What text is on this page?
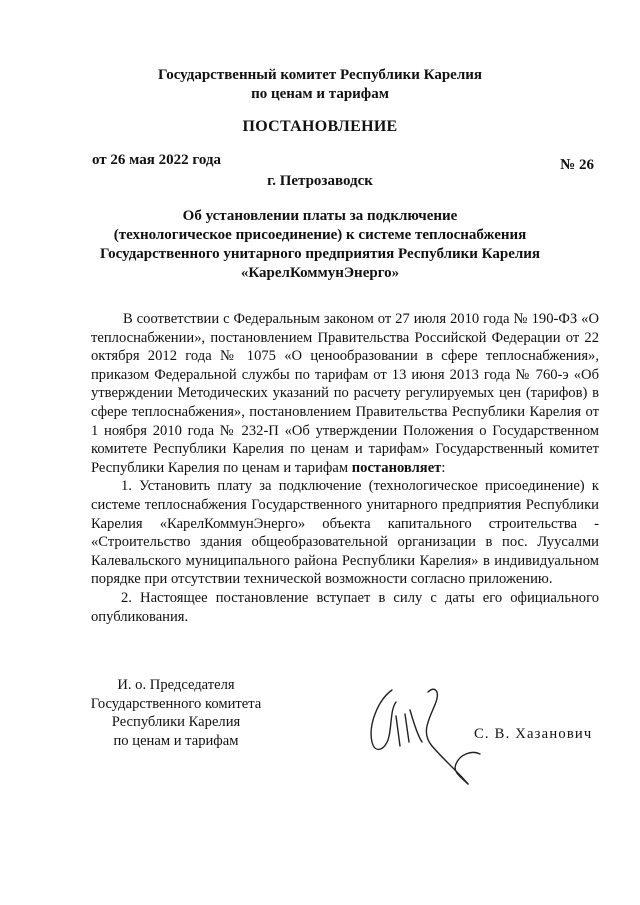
Государственный комитет Республики Карелия
по ценам и тарифам
ПОСТАНОВЛЕНИЕ
от 26 мая 2022 года	№ 26
г. Петрозаводск
Об установлении платы за подключение
(технологическое присоединение) к системе теплоснабжения
Государственного унитарного предприятия Республики Карелия
«КарелКоммунЭнерго»

В соответствии с Федеральным законом от 27 июля 2010 года № 190-ФЗ «О теплоснабжении», постановлением Правительства Российской Федерации от 22 октября 2012 года № 1075 «О ценообразовании в сфере теплоснабжения», приказом Федеральной службы по тарифам от 13 июня 2013 года № 760-э «Об утверждении Методических указаний по расчету регулируемых цен (тарифов) в сфере теплоснабжения», постановлением Правительства Республики Карелия от 1 ноября 2010 года № 232-П «Об утверждении Положения о Государственном комитете Республики Карелия по ценам и тарифам» Государственный комитет Республики Карелия по ценам и тарифам постановляет:

1. Установить плату за подключение (технологическое присоединение) к системе теплоснабжения Государственного унитарного предприятия Республики Карелия «КарелКоммунЭнерго» объекта капитального строительства - «Строительство здания общеобразовательной организации в пос. Луусалми Калевальского муниципального района Республики Карелия» в индивидуальном порядке при отсутствии технической возможности согласно приложению.

2. Настоящее постановление вступает в силу с даты его официального опубликования.

И. о. Председателя
Государственного комитета
Республики Карелия
по ценам и тарифам	С. В. Хазанович
